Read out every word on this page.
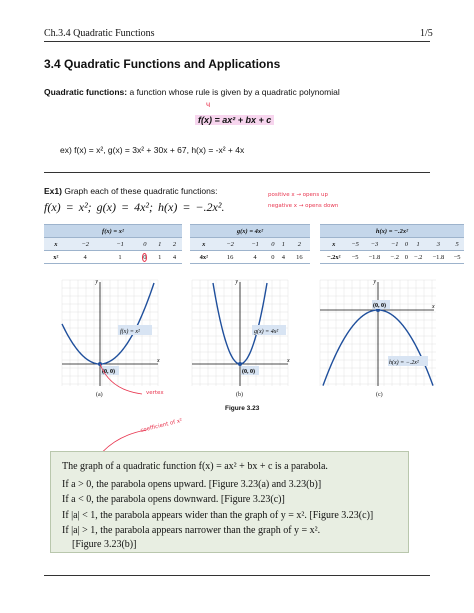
Ch.3.4 Quadratic Functions	1/5
3.4 Quadratic Functions and Applications
Quadratic functions: a function whose rule is given by a quadratic polynomial
ч
f(x) = ax² + bx + c
ex) f(x) = x², g(x) = 3x² + 30x + 67, h(x) = -x² + 4x
Ex1) Graph each of these quadratic functions:
f(x) = x²; g(x) = 4x²; h(x) = −.2x².
positive x → opens up
negative x → opens down
f(x) = x²					
x	−2	−1	0	1	2
x²	4	1	0	1	4
g(x) = 4x²					
x	−2	−1	0	1	2
4x²	16	4	0	4	16
h(x) = −.2x²							
x	−5	−3	−1	0	1	3	5
−.2x²	−5	−1.8	−.2	0	−.2	−1.8	−5
y
x
f(x) = x²
(0, 0)
y
x
g(x) = 4x²
(0, 0)
y
x
(0, 0)
h(x) = −.2x²
(a)	(b)	(c)
Figure 3.23
vertex
coefficient of x²
The graph of a quadratic function f(x) = ax² + bx + c is a parabola.
If a > 0, the parabola opens upward. [Figure 3.23(a) and 3.23(b)]
If a < 0, the parabola opens downward. [Figure 3.23(c)]
If |a| < 1, the parabola appears wider than the graph of y = x². [Figure 3.23(c)]
If |a| > 1, the parabola appears narrower than the graph of y = x².
[Figure 3.23(b)]
